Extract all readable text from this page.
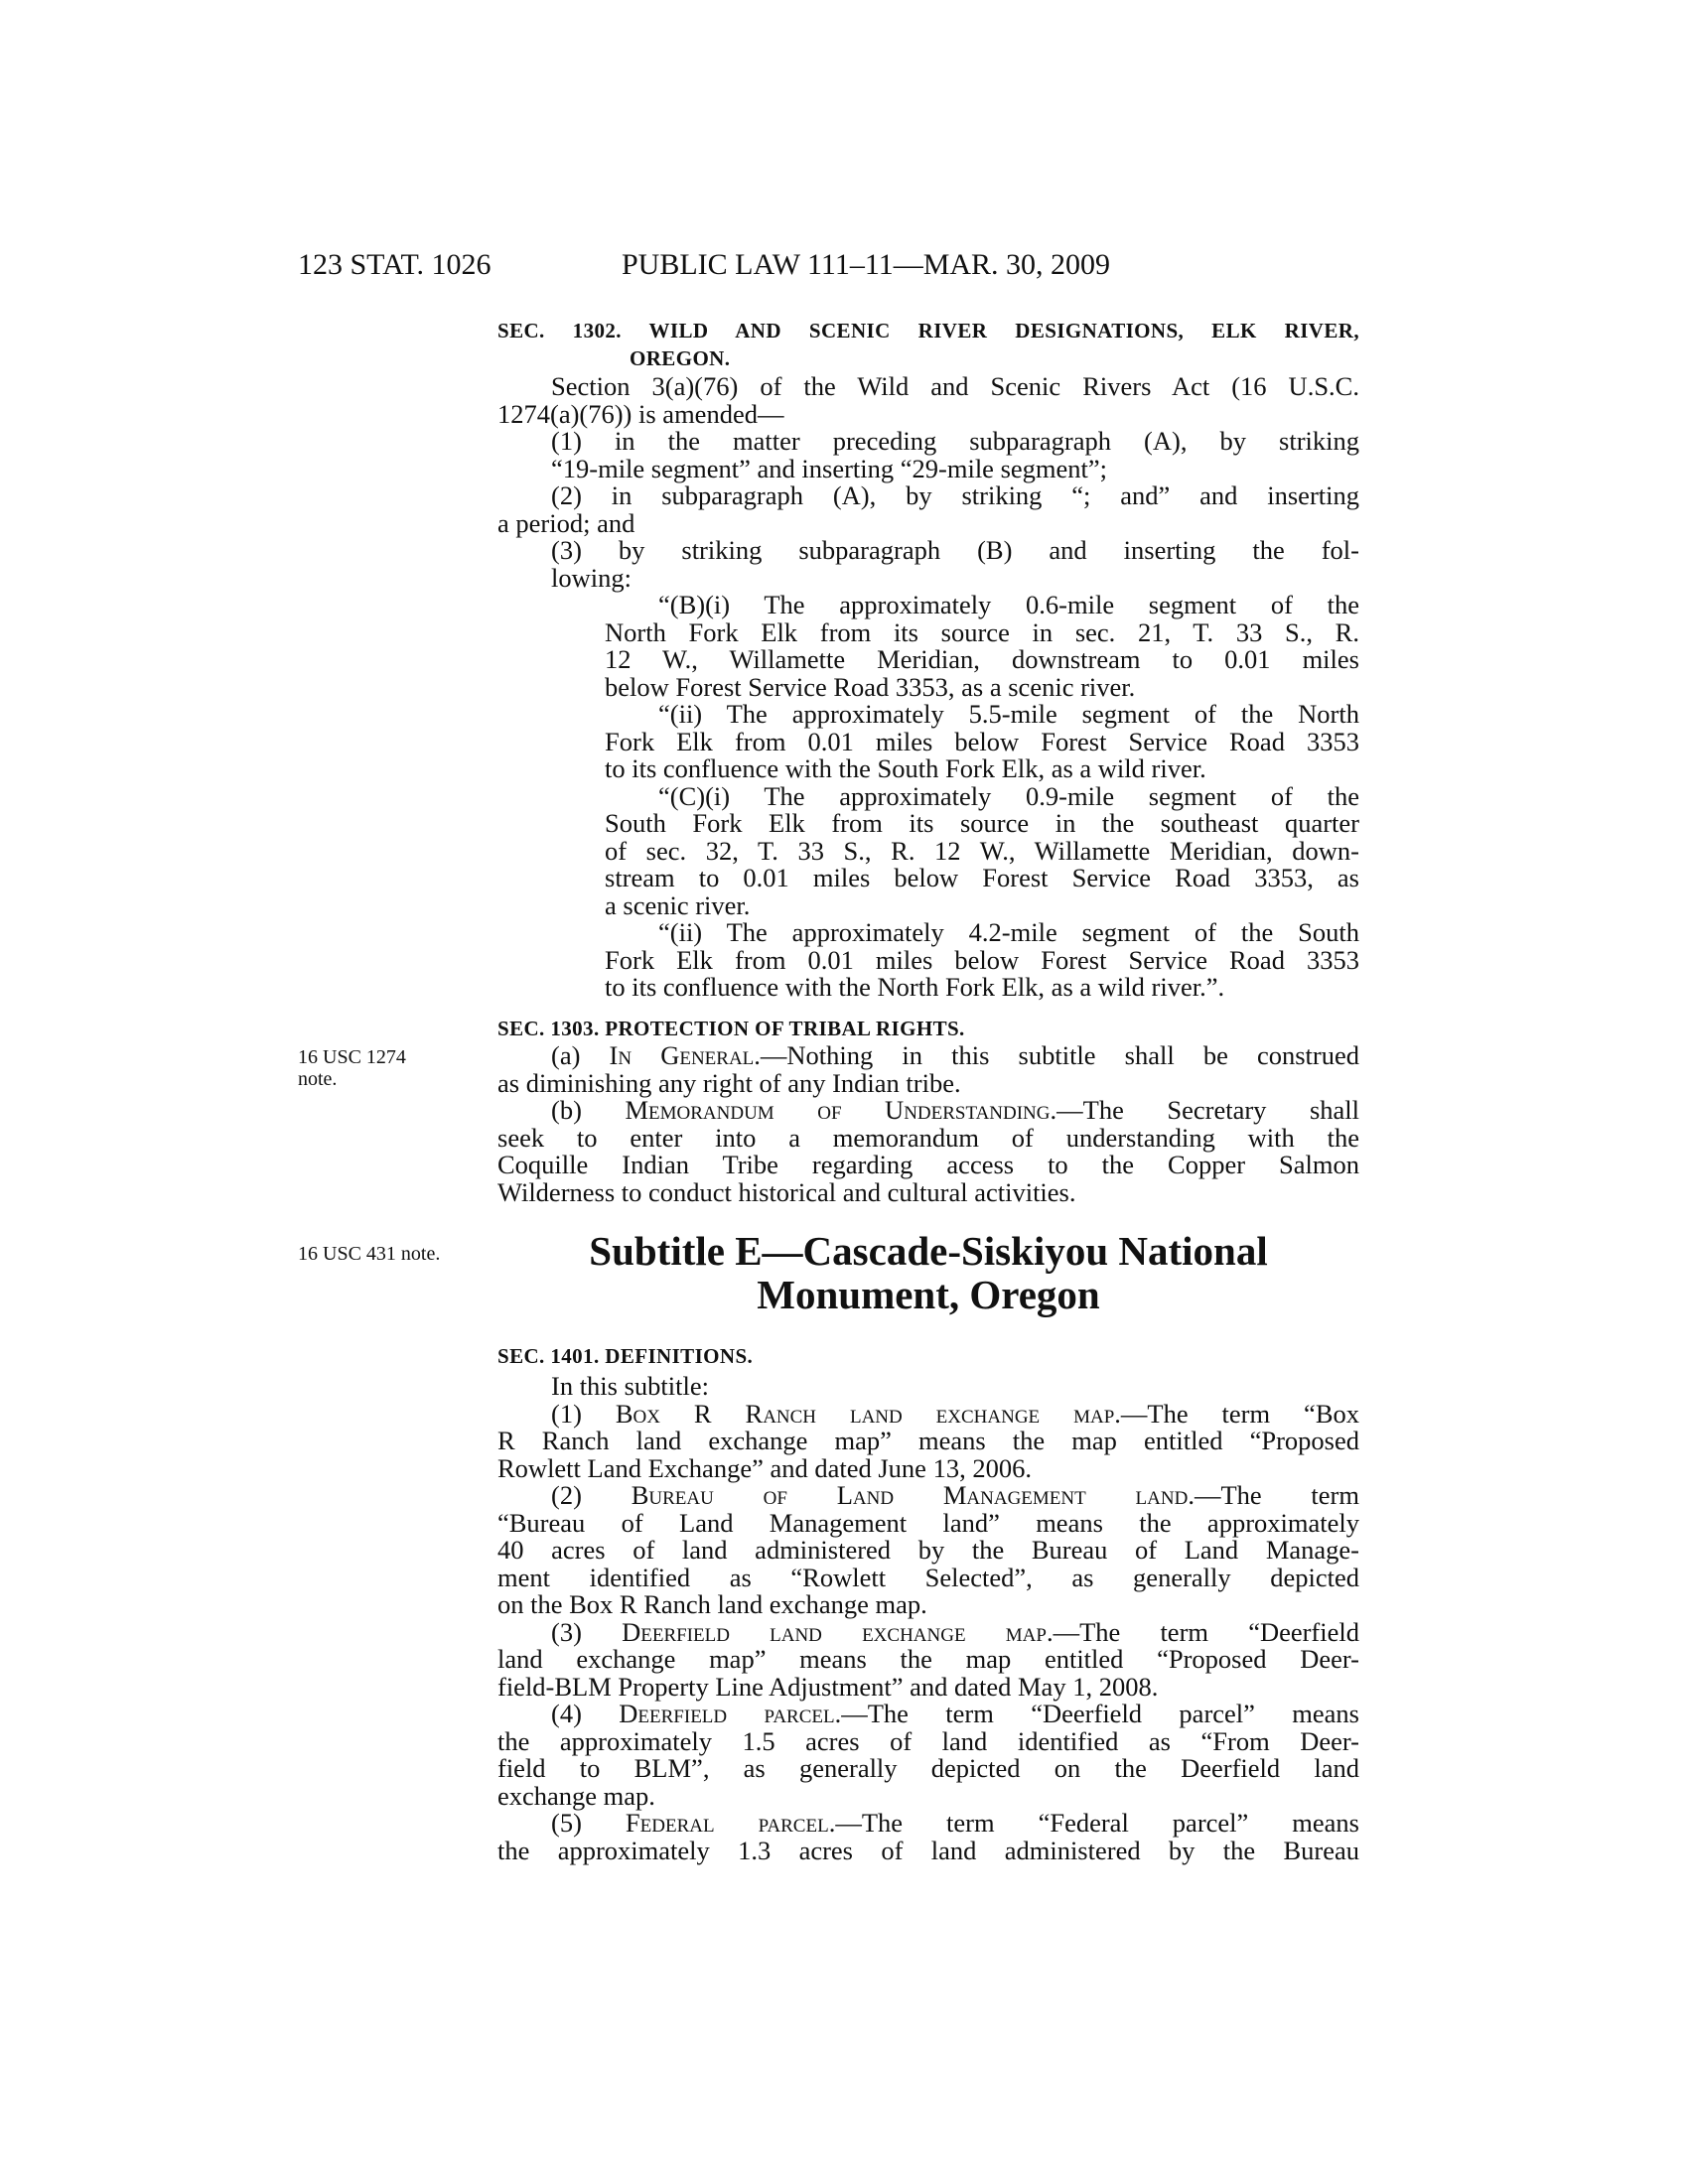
123 STAT. 1026	PUBLIC LAW 111–11—MAR. 30, 2009
SEC. 1302. WILD AND SCENIC RIVER DESIGNATIONS, ELK RIVER,
OREGON.
Section 3(a)(76) of the Wild and Scenic Rivers Act (16 U.S.C.
1274(a)(76)) is amended—
(1) in the matter preceding subparagraph (A), by striking
“19-mile segment” and inserting “29-mile segment”;
(2) in subparagraph (A), by striking “; and” and inserting
a period; and
(3) by striking subparagraph (B) and inserting the fol-
lowing:
“(B)(i) The approximately 0.6-mile segment of the
North Fork Elk from its source in sec. 21, T. 33 S., R.
12 W., Willamette Meridian, downstream to 0.01 miles
below Forest Service Road 3353, as a scenic river.
“(ii) The approximately 5.5-mile segment of the North
Fork Elk from 0.01 miles below Forest Service Road 3353
to its confluence with the South Fork Elk, as a wild river.
“(C)(i) The approximately 0.9-mile segment of the
South Fork Elk from its source in the southeast quarter
of sec. 32, T. 33 S., R. 12 W., Willamette Meridian, down-
stream to 0.01 miles below Forest Service Road 3353, as
a scenic river.
“(ii) The approximately 4.2-mile segment of the South
Fork Elk from 0.01 miles below Forest Service Road 3353
to its confluence with the North Fork Elk, as a wild river.”.
SEC. 1303. PROTECTION OF TRIBAL RIGHTS.
16 USC 1274
note.
(a) In General.—Nothing in this subtitle shall be construed
as diminishing any right of any Indian tribe.
(b) Memorandum of Understanding.—The Secretary shall
seek to enter into a memorandum of understanding with the
Coquille Indian Tribe regarding access to the Copper Salmon
Wilderness to conduct historical and cultural activities.
16 USC 431 note.	Subtitle E—Cascade-Siskiyou National
Monument, Oregon
SEC. 1401. DEFINITIONS.
In this subtitle:
(1) Box R Ranch land exchange map.—The term “Box
R Ranch land exchange map” means the map entitled “Proposed
Rowlett Land Exchange” and dated June 13, 2006.
(2) Bureau of Land Management land.—The term
“Bureau of Land Management land” means the approximately
40 acres of land administered by the Bureau of Land Manage-
ment identified as “Rowlett Selected”, as generally depicted
on the Box R Ranch land exchange map.
(3) Deerfield land exchange map.—The term “Deerfield
land exchange map” means the map entitled “Proposed Deer-
field-BLM Property Line Adjustment” and dated May 1, 2008.
(4) Deerfield parcel.—The term “Deerfield parcel” means
the approximately 1.5 acres of land identified as “From Deer-
field to BLM”, as generally depicted on the Deerfield land
exchange map.
(5) Federal parcel.—The term “Federal parcel” means
the approximately 1.3 acres of land administered by the Bureau
